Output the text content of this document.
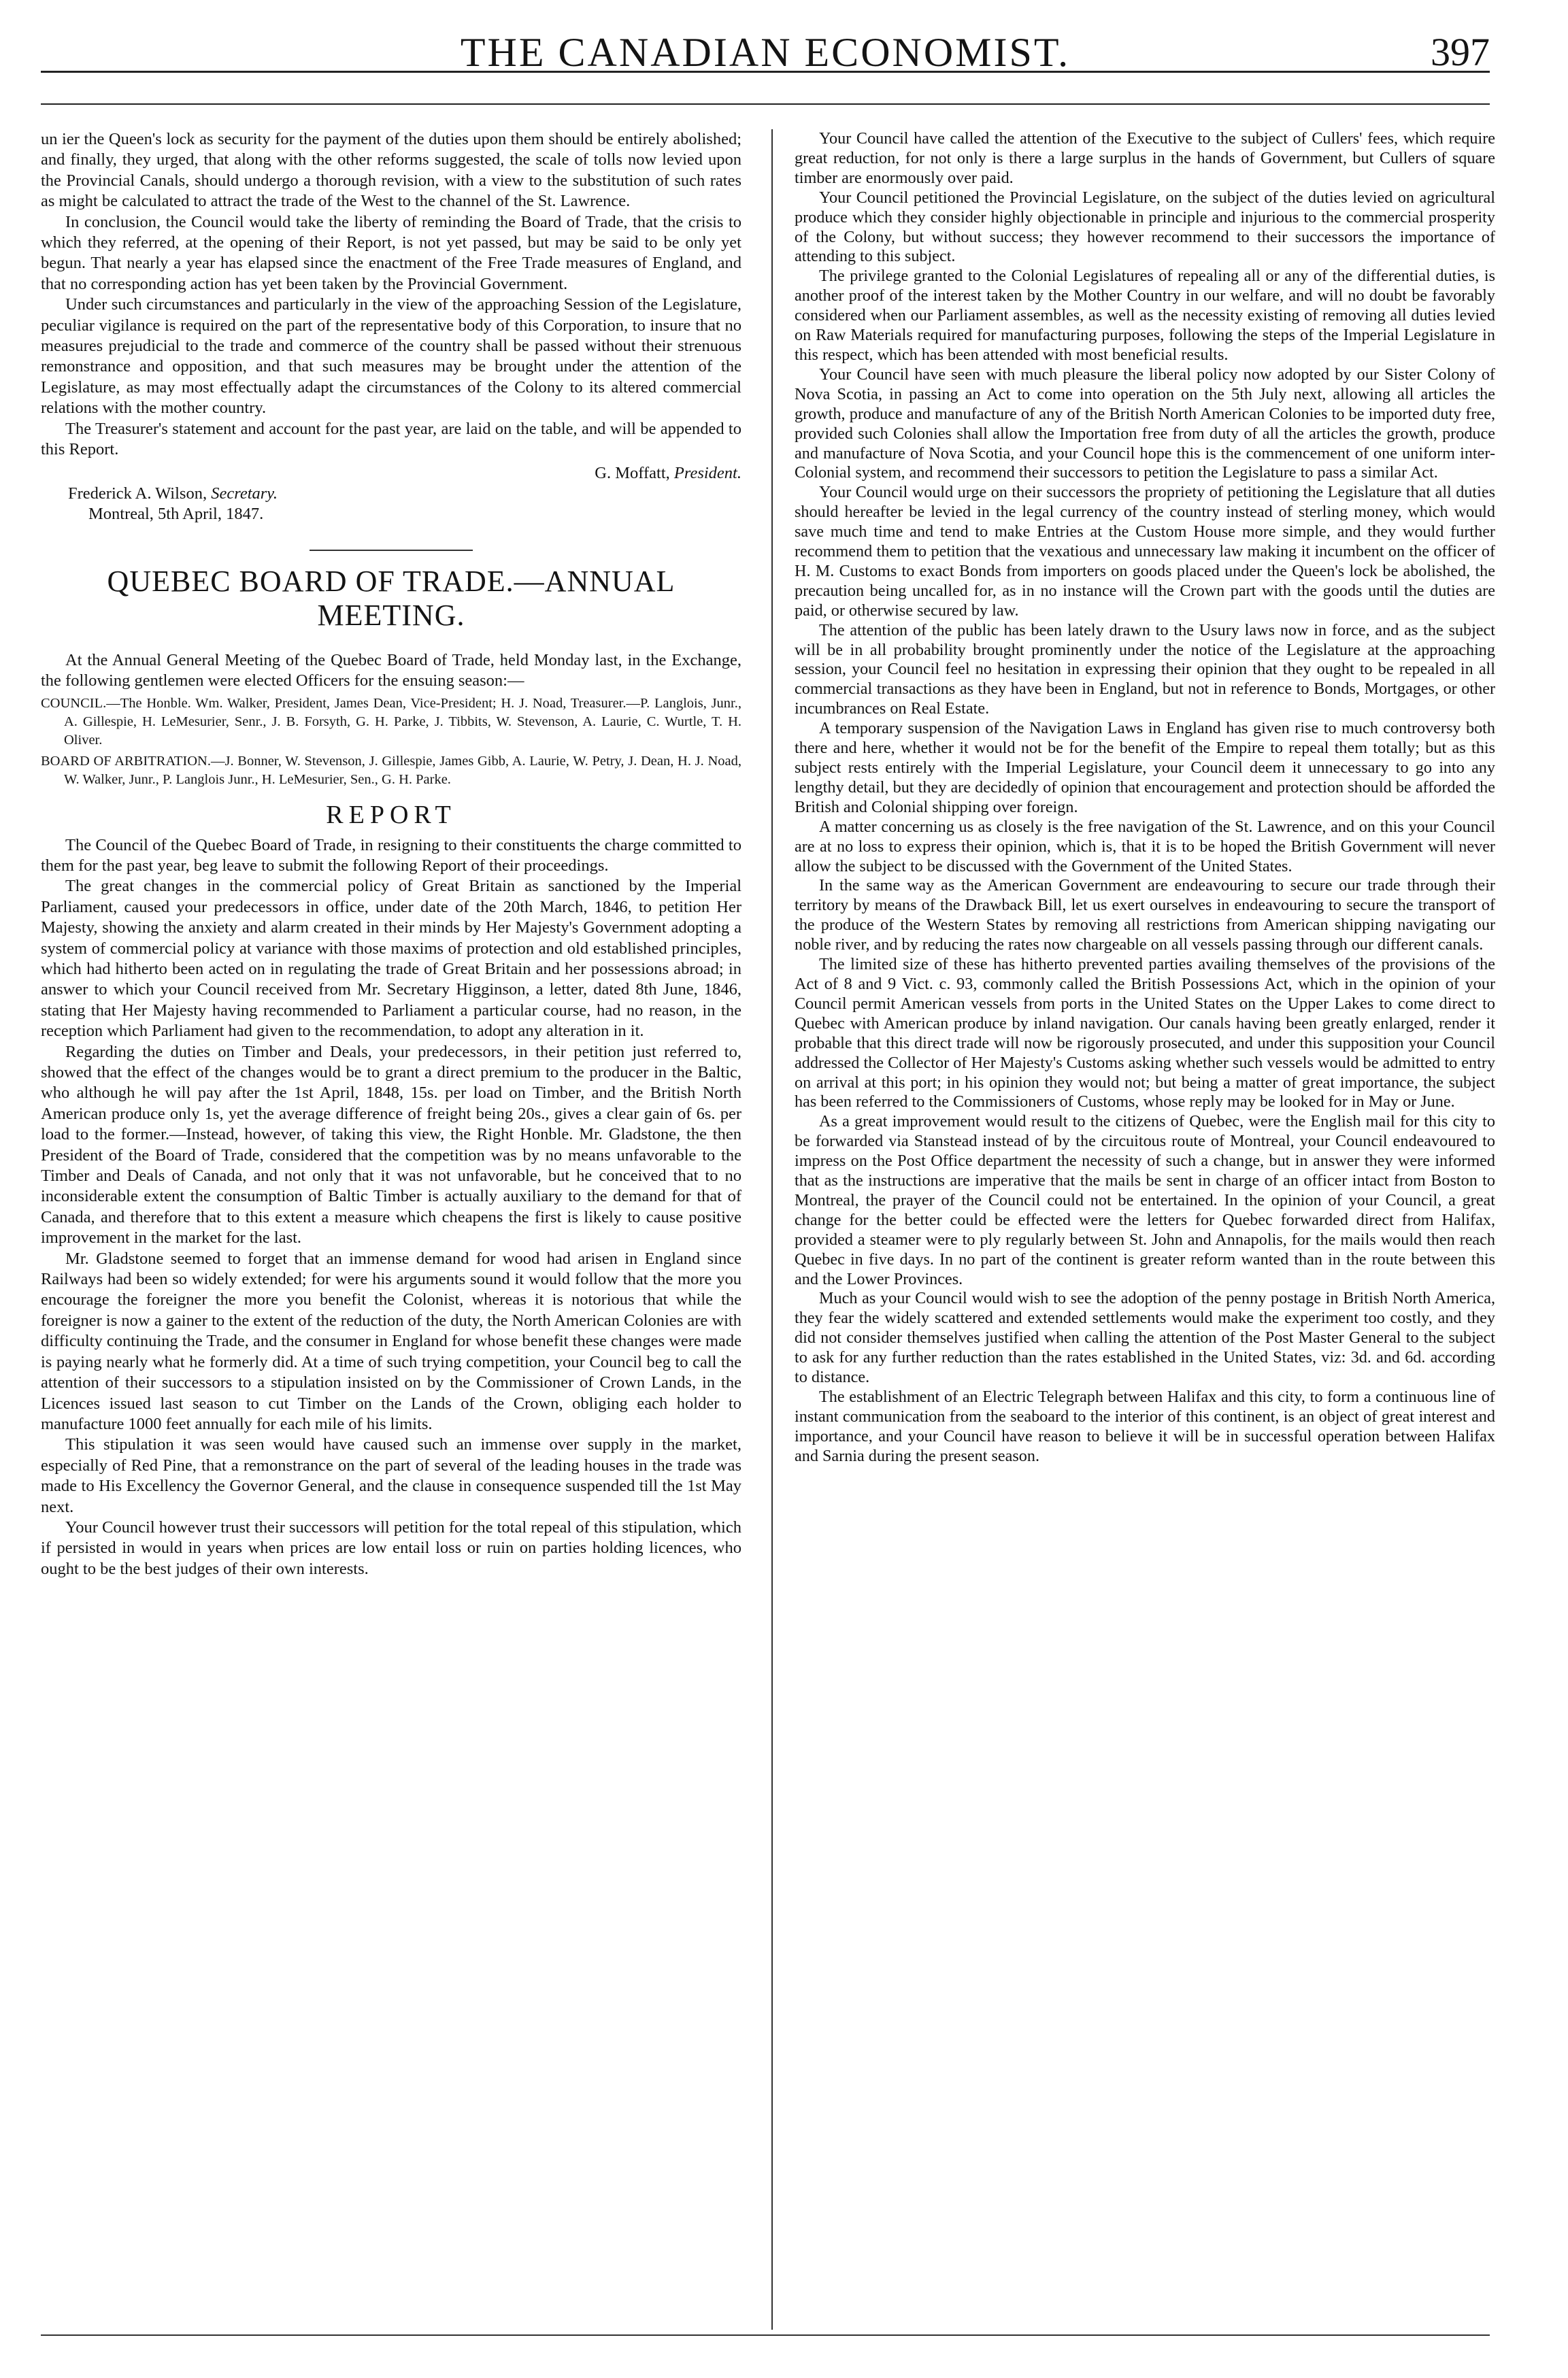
THE CANADIAN ECONOMIST.	397

un ier the Queen's lock as security for the payment of the duties upon them should be entirely abolished; and finally, they urged, that along with the other reforms suggested, the scale of tolls now levied upon the Provincial Canals, should undergo a thorough revision, with a view to the substitution of such rates as might be calculated to attract the trade of the West to the channel of the St. Lawrence.

In conclusion, the Council would take the liberty of reminding the Board of Trade, that the crisis to which they referred, at the opening of their Report, is not yet passed, but may be said to be only yet begun. That nearly a year has elapsed since the enactment of the Free Trade measures of England, and that no corresponding action has yet been taken by the Provincial Government.

Under such circumstances and particularly in the view of the approaching Session of the Legislature, peculiar vigilance is required on the part of the representative body of this Corporation, to insure that no measures prejudicial to the trade and commerce of the country shall be passed without their strenuous remonstrance and opposition, and that such measures may be brought under the attention of the Legislature, as may most effectually adapt the circumstances of the Colony to its altered commercial relations with the mother country.

The Treasurer's statement and account for the past year, are laid on the table, and will be appended to this Report.

G. Moffatt, President.
Frederick A. Wilson, Secretary.
Montreal, 5th April, 1847.
QUEBEC BOARD OF TRADE.—ANNUAL MEETING.

At the Annual General Meeting of the Quebec Board of Trade, held Monday last, in the Exchange, the following gentlemen were elected Officers for the ensuing season:—

COUNCIL.—The Honble. Wm. Walker, President, James Dean, Vice-President; H. J. Noad, Treasurer.—P. Langlois, Junr., A. Gillespie, H. LeMesurier, Senr., J. B. Forsyth, G. H. Parke, J. Tibbits, W. Stevenson, A. Laurie, C. Wurtle, T. H. Oliver.

BOARD OF ARBITRATION.—J. Bonner, W. Stevenson, J. Gillespie, James Gibb, A. Laurie, W. Petry, J. Dean, H. J. Noad, W. Walker, Junr., P. Langlois Junr., H. LeMesurier, Sen., G. H. Parke.

REPORT

The Council of the Quebec Board of Trade, in resigning to their constituents the charge committed to them for the past year, beg leave to submit the following Report of their proceedings.

The great changes in the commercial policy of Great Britain as sanctioned by the Imperial Parliament, caused your predecessors in office, under date of the 20th March, 1846, to petition Her Majesty, showing the anxiety and alarm created in their minds by Her Majesty's Government adopting a system of commercial policy at variance with those maxims of protection and old established principles, which had hitherto been acted on in regulating the trade of Great Britain and her possessions abroad; in answer to which your Council received from Mr. Secretary Higginson, a letter, dated 8th June, 1846, stating that Her Majesty having recommended to Parliament a particular course, had no reason, in the reception which Parliament had given to the recommendation, to adopt any alteration in it.

Regarding the duties on Timber and Deals, your predecessors, in their petition just referred to, showed that the effect of the changes would be to grant a direct premium to the producer in the Baltic, who although he will pay after the 1st April, 1848, 15s. per load on Timber, and the British North American produce only 1s, yet the average difference of freight being 20s., gives a clear gain of 6s. per load to the former.—Instead, however, of taking this view, the Right Honble. Mr. Gladstone, the then President of the Board of Trade, considered that the competition was by no means unfavorable to the Timber and Deals of Canada, and not only that it was not unfavorable, but he conceived that to no inconsiderable extent the consumption of Baltic Timber is actually auxiliary to the demand for that of Canada, and therefore that to this extent a measure which cheapens the first is likely to cause positive improvement in the market for the last.

Mr. Gladstone seemed to forget that an immense demand for wood had arisen in England since Railways had been so widely extended; for were his arguments sound it would follow that the more you encourage the foreigner the more you benefit the Colonist, whereas it is notorious that while the foreigner is now a gainer to the extent of the reduction of the duty, the North American Colonies are with difficulty continuing the Trade, and the consumer in England for whose benefit these changes were made is paying nearly what he formerly did. At a time of such trying competition, your Council beg to call the attention of their successors to a stipulation insisted on by the Commissioner of Crown Lands, in the Licences issued last season to cut Timber on the Lands of the Crown, obliging each holder to manufacture 1000 feet annually for each mile of his limits.

This stipulation it was seen would have caused such an immense over supply in the market, especially of Red Pine, that a remonstrance on the part of several of the leading houses in the trade was made to His Excellency the Governor General, and the clause in consequence suspended till the 1st May next.

Your Council however trust their successors will petition for the total repeal of this stipulation, which if persisted in would in years when prices are low entail loss or ruin on parties holding licences, who ought to be the best judges of their own interests.

Your Council have called the attention of the Executive to the subject of Cullers' fees, which require great reduction, for not only is there a large surplus in the hands of Government, but Cullers of square timber are enormously over paid.

Your Council petitioned the Provincial Legislature, on the subject of the duties levied on agricultural produce which they consider highly objectionable in principle and injurious to the commercial prosperity of the Colony, but without success; they however recommend to their successors the importance of attending to this subject.

The privilege granted to the Colonial Legislatures of repealing all or any of the differential duties, is another proof of the interest taken by the Mother Country in our welfare, and will no doubt be favorably considered when our Parliament assembles, as well as the necessity existing of removing all duties levied on Raw Materials required for manufacturing purposes, following the steps of the Imperial Legislature in this respect, which has been attended with most beneficial results.

Your Council have seen with much pleasure the liberal policy now adopted by our Sister Colony of Nova Scotia, in passing an Act to come into operation on the 5th July next, allowing all articles the growth, produce and manufacture of any of the British North American Colonies to be imported duty free, provided such Colonies shall allow the Importation free from duty of all the articles the growth, produce and manufacture of Nova Scotia, and your Council hope this is the commencement of one uniform inter-Colonial system, and recommend their successors to petition the Legislature to pass a similar Act.

Your Council would urge on their successors the propriety of petitioning the Legislature that all duties should hereafter be levied in the legal currency of the country instead of sterling money, which would save much time and tend to make Entries at the Custom House more simple, and they would further recommend them to petition that the vexatious and unnecessary law making it incumbent on the officer of H. M. Customs to exact Bonds from importers on goods placed under the Queen's lock be abolished, the precaution being uncalled for, as in no instance will the Crown part with the goods until the duties are paid, or otherwise secured by law.

The attention of the public has been lately drawn to the Usury laws now in force, and as the subject will be in all probability brought prominently under the notice of the Legislature at the approaching session, your Council feel no hesitation in expressing their opinion that they ought to be repealed in all commercial transactions as they have been in England, but not in reference to Bonds, Mortgages, or other incumbrances on Real Estate.

A temporary suspension of the Navigation Laws in England has given rise to much controversy both there and here, whether it would not be for the benefit of the Empire to repeal them totally; but as this subject rests entirely with the Imperial Legislature, your Council deem it unnecessary to go into any lengthy detail, but they are decidedly of opinion that encouragement and protection should be afforded the British and Colonial shipping over foreign.

A matter concerning us as closely is the free navigation of the St. Lawrence, and on this your Council are at no loss to express their opinion, which is, that it is to be hoped the British Government will never allow the subject to be discussed with the Government of the United States.

In the same way as the American Government are endeavouring to secure our trade through their territory by means of the Drawback Bill, let us exert ourselves in endeavouring to secure the transport of the produce of the Western States by removing all restrictions from American shipping navigating our noble river, and by reducing the rates now chargeable on all vessels passing through our different canals.

The limited size of these has hitherto prevented parties availing themselves of the provisions of the Act of 8 and 9 Vict. c. 93, commonly called the British Possessions Act, which in the opinion of your Council permit American vessels from ports in the United States on the Upper Lakes to come direct to Quebec with American produce by inland navigation. Our canals having been greatly enlarged, render it probable that this direct trade will now be rigorously prosecuted, and under this supposition your Council addressed the Collector of Her Majesty's Customs asking whether such vessels would be admitted to entry on arrival at this port; in his opinion they would not; but being a matter of great importance, the subject has been referred to the Commissioners of Customs, whose reply may be looked for in May or June.

As a great improvement would result to the citizens of Quebec, were the English mail for this city to be forwarded via Stanstead instead of by the circuitous route of Montreal, your Council endeavoured to impress on the Post Office department the necessity of such a change, but in answer they were informed that as the instructions are imperative that the mails be sent in charge of an officer intact from Boston to Montreal, the prayer of the Council could not be entertained. In the opinion of your Council, a great change for the better could be effected were the letters for Quebec forwarded direct from Halifax, provided a steamer were to ply regularly between St. John and Annapolis, for the mails would then reach Quebec in five days. In no part of the continent is greater reform wanted than in the route between this and the Lower Provinces.

Much as your Council would wish to see the adoption of the penny postage in British North America, they fear the widely scattered and extended settlements would make the experiment too costly, and they did not consider themselves justified when calling the attention of the Post Master General to the subject to ask for any further reduction than the rates established in the United States, viz: 3d. and 6d. according to distance.

The establishment of an Electric Telegraph between Halifax and this city, to form a continuous line of instant communication from the seaboard to the interior of this continent, is an object of great interest and importance, and your Council have reason to believe it will be in successful operation between Halifax and Sarnia during the present season.
